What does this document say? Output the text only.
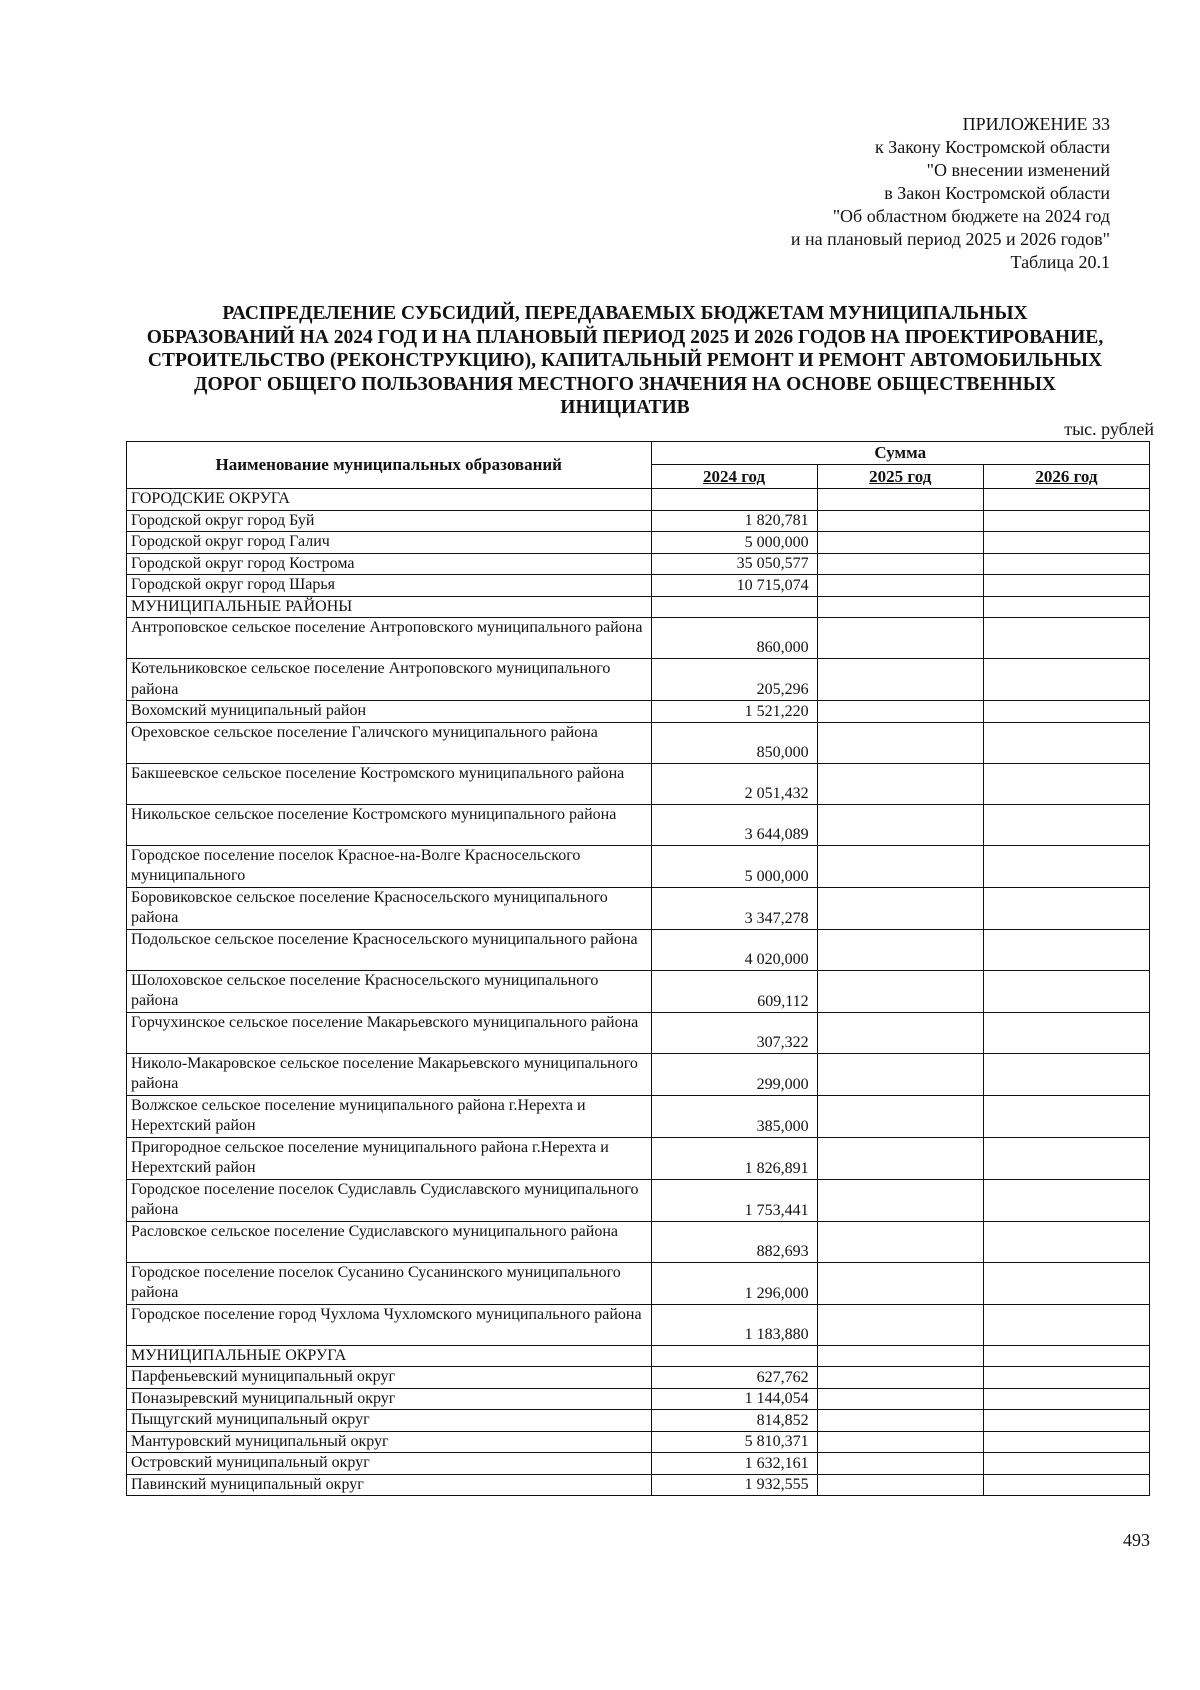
ПРИЛОЖЕНИЕ 33
к Закону Костромской области
"О внесении изменений
в Закон Костромской области
"Об областном бюджете на 2024 год
и на плановый период 2025 и 2026 годов"
Таблица 20.1
РАСПРЕДЕЛЕНИЕ СУБСИДИЙ, ПЕРЕДАВАЕМЫХ БЮДЖЕТАМ МУНИЦИПАЛЬНЫХ
ОБРАЗОВАНИЙ НА 2024 ГОД И НА ПЛАНОВЫЙ ПЕРИОД 2025 И 2026 ГОДОВ НА ПРОЕКТИРОВАНИЕ,
СТРОИТЕЛЬСТВО (РЕКОНСТРУКЦИЮ), КАПИТАЛЬНЫЙ РЕМОНТ И РЕМОНТ АВТОМОБИЛЬНЫХ
ДОРОГ ОБЩЕГО ПОЛЬЗОВАНИЯ МЕСТНОГО ЗНАЧЕНИЯ НА ОСНОВЕ ОБЩЕСТВЕННЫХ
ИНИЦИАТИВ
тыс. рублей
Наименование муниципальных образований	Сумма		
	2024 год	2025 год	2026 год
ГОРОДСКИЕ ОКРУГА			
Городской округ город Буй	1 820,781		
Городской округ город Галич	5 000,000		
Городской округ город Кострома	35 050,577		
Городской округ город Шарья	10 715,074		
МУНИЦИПАЛЬНЫЕ РАЙОНЫ			
Антроповское сельское поселение Антроповского муниципального района	860,000		
Котельниковское сельское поселение Антроповского муниципального района	205,296		
Вохомский муниципальный район	1 521,220		
Ореховское сельское поселение Галичского муниципального района	850,000		
Бакшеевское сельское поселение Костромского муниципального района	2 051,432		
Никольское сельское поселение Костромского муниципального района	3 644,089		
Городское поселение поселок Красное-на-Волге Красносельского муниципального	5 000,000		
Боровиковское сельское поселение Красносельского муниципального района	3 347,278		
Подольское сельское поселение Красносельского муниципального района	4 020,000		
Шолоховское сельское поселение Красносельского муниципального района	609,112		
Горчухинское сельское поселение Макарьевского муниципального района	307,322		
Николо-Макаровское сельское поселение Макарьевского муниципального района	299,000		
Волжское сельское поселение муниципального района г.Нерехта и Нерехтский район	385,000		
Пригородное сельское поселение муниципального района г.Нерехта и Нерехтский район	1 826,891		
Городское поселение поселок Судиславль Судиславского муниципального района	1 753,441		
Расловское сельское поселение Судиславского муниципального района	882,693		
Городское поселение поселок Сусанино Сусанинского муниципального района	1 296,000		
Городское поселение город Чухлома Чухломского муниципального района	1 183,880		
МУНИЦИПАЛЬНЫЕ ОКРУГА			
Парфеньевский муниципальный округ	627,762		
Поназыревский муниципальный округ	1 144,054		
Пыщугский муниципальный округ	814,852		
Мантуровский муниципальный округ	5 810,371		
Островский муниципальный округ	1 632,161		
Павинский муниципальный округ	1 932,555		
493
